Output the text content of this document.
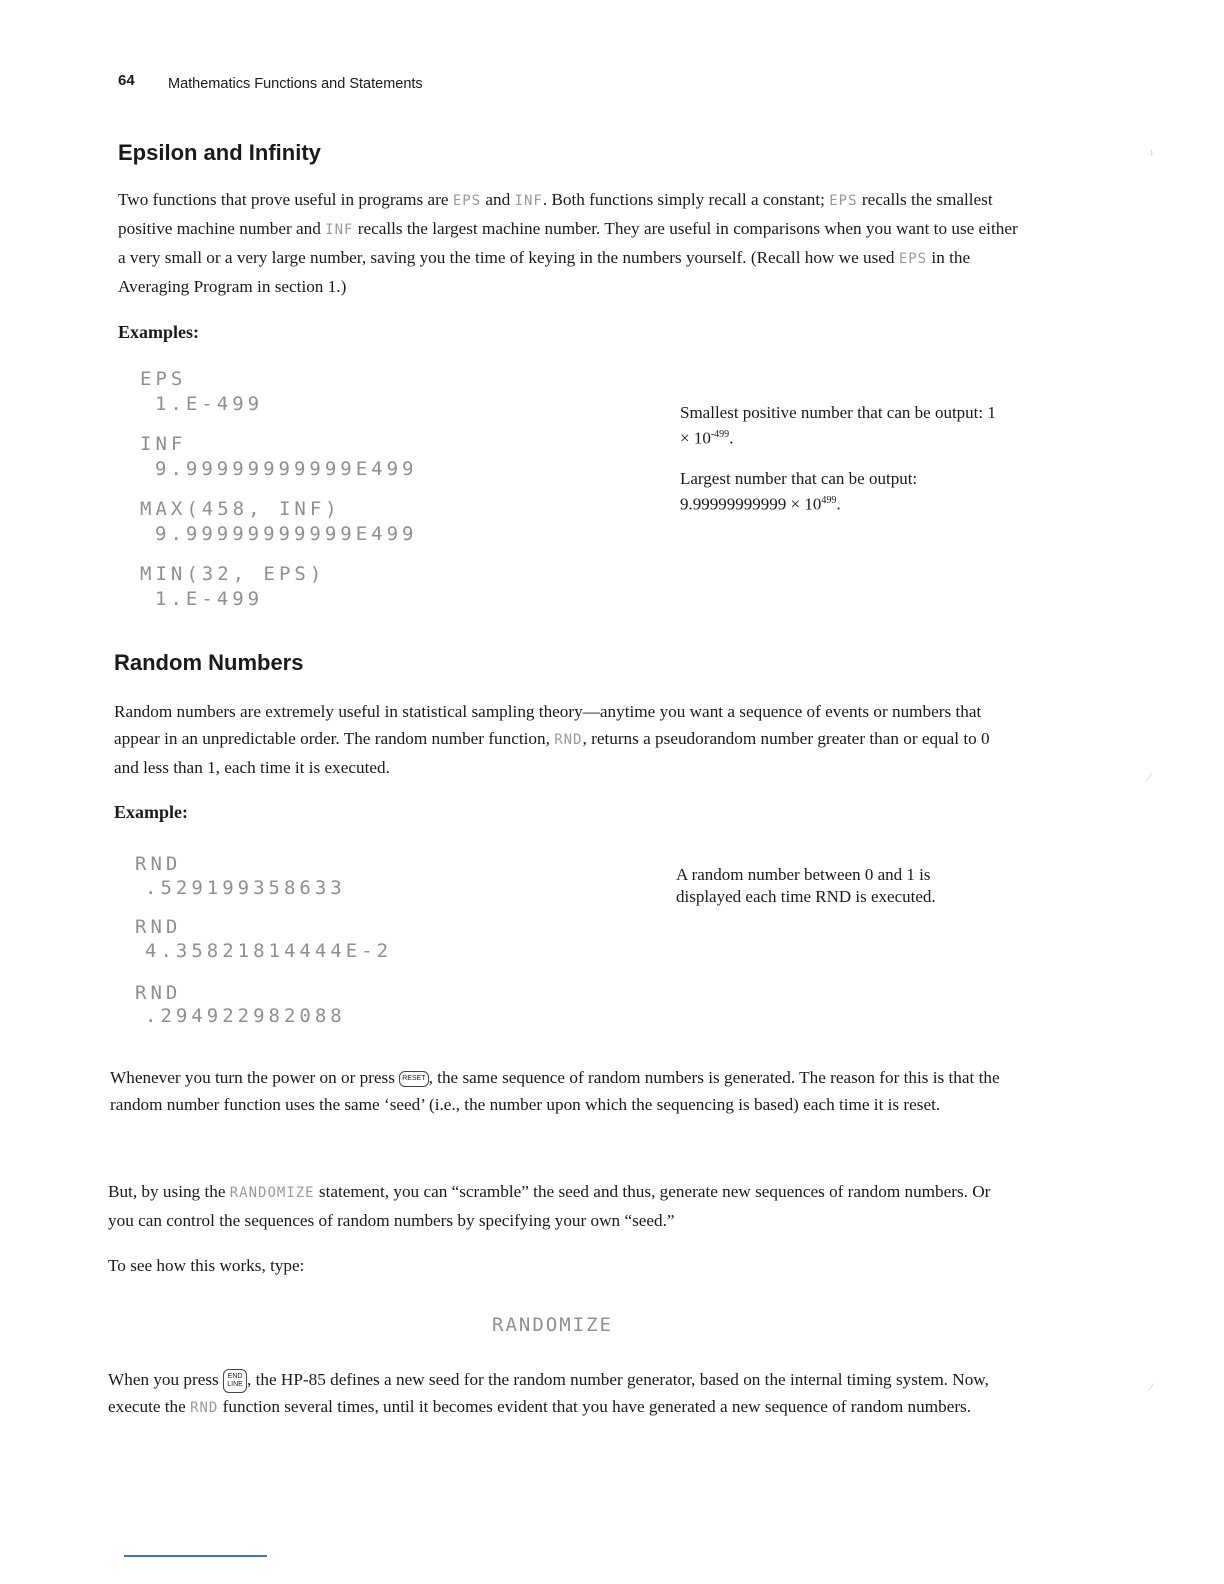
64 Mathematics Functions and Statements
Epsilon and Infinity

Two functions that prove useful in programs are EPS and INF. Both functions simply recall a constant; EPS recalls the smallest positive machine number and INF recalls the largest machine number. They are useful in comparisons when you want to use either a very small or a very large number, saving you the time of keying in the numbers yourself. (Recall how we used EPS in the Averaging Program in section 1.)

Examples:
EPS
1.E-499
INF
9.99999999999E499
MAX(458, INF)
9.99999999999E499
MIN(32, EPS)
1.E-499
Smallest positive number that can be output: $1 \times 10^{-499}$.
Largest number that can be output: $9.99999999999 \times 10^{499}$.
Random Numbers

Random numbers are extremely useful in statistical sampling theory—anytime you want a sequence of events or numbers that appear in an unpredictable order. The random number function, RND, returns a pseudorandom number greater than or equal to 0 and less than 1, each time it is executed.

Example:
RND
.529199358633
RND
4.35821814444E-2
RND
.294922982088
A random number between 0 and 1 is displayed each time RND is executed.

Whenever you turn the power on or press RESET , the same sequence of random numbers is generated. The reason for this is that the random number function uses the same ‘seed’ (i.e., the number upon which the sequencing is based) each time it is reset.

But, by using the RANDOMIZE statement, you can “scramble” the seed and thus, generate new sequences of random numbers. Or you can control the sequences of random numbers by specifying your own “seed.”

To see how this works, type:

RANDOMIZE

When you press END
LINE , the HP-85 defines a new seed for the random number generator, based on the internal timing system. Now, execute the RND function several times, until it becomes evident that you have generated a new sequence of random numbers.

⁾
⁄
⁄
